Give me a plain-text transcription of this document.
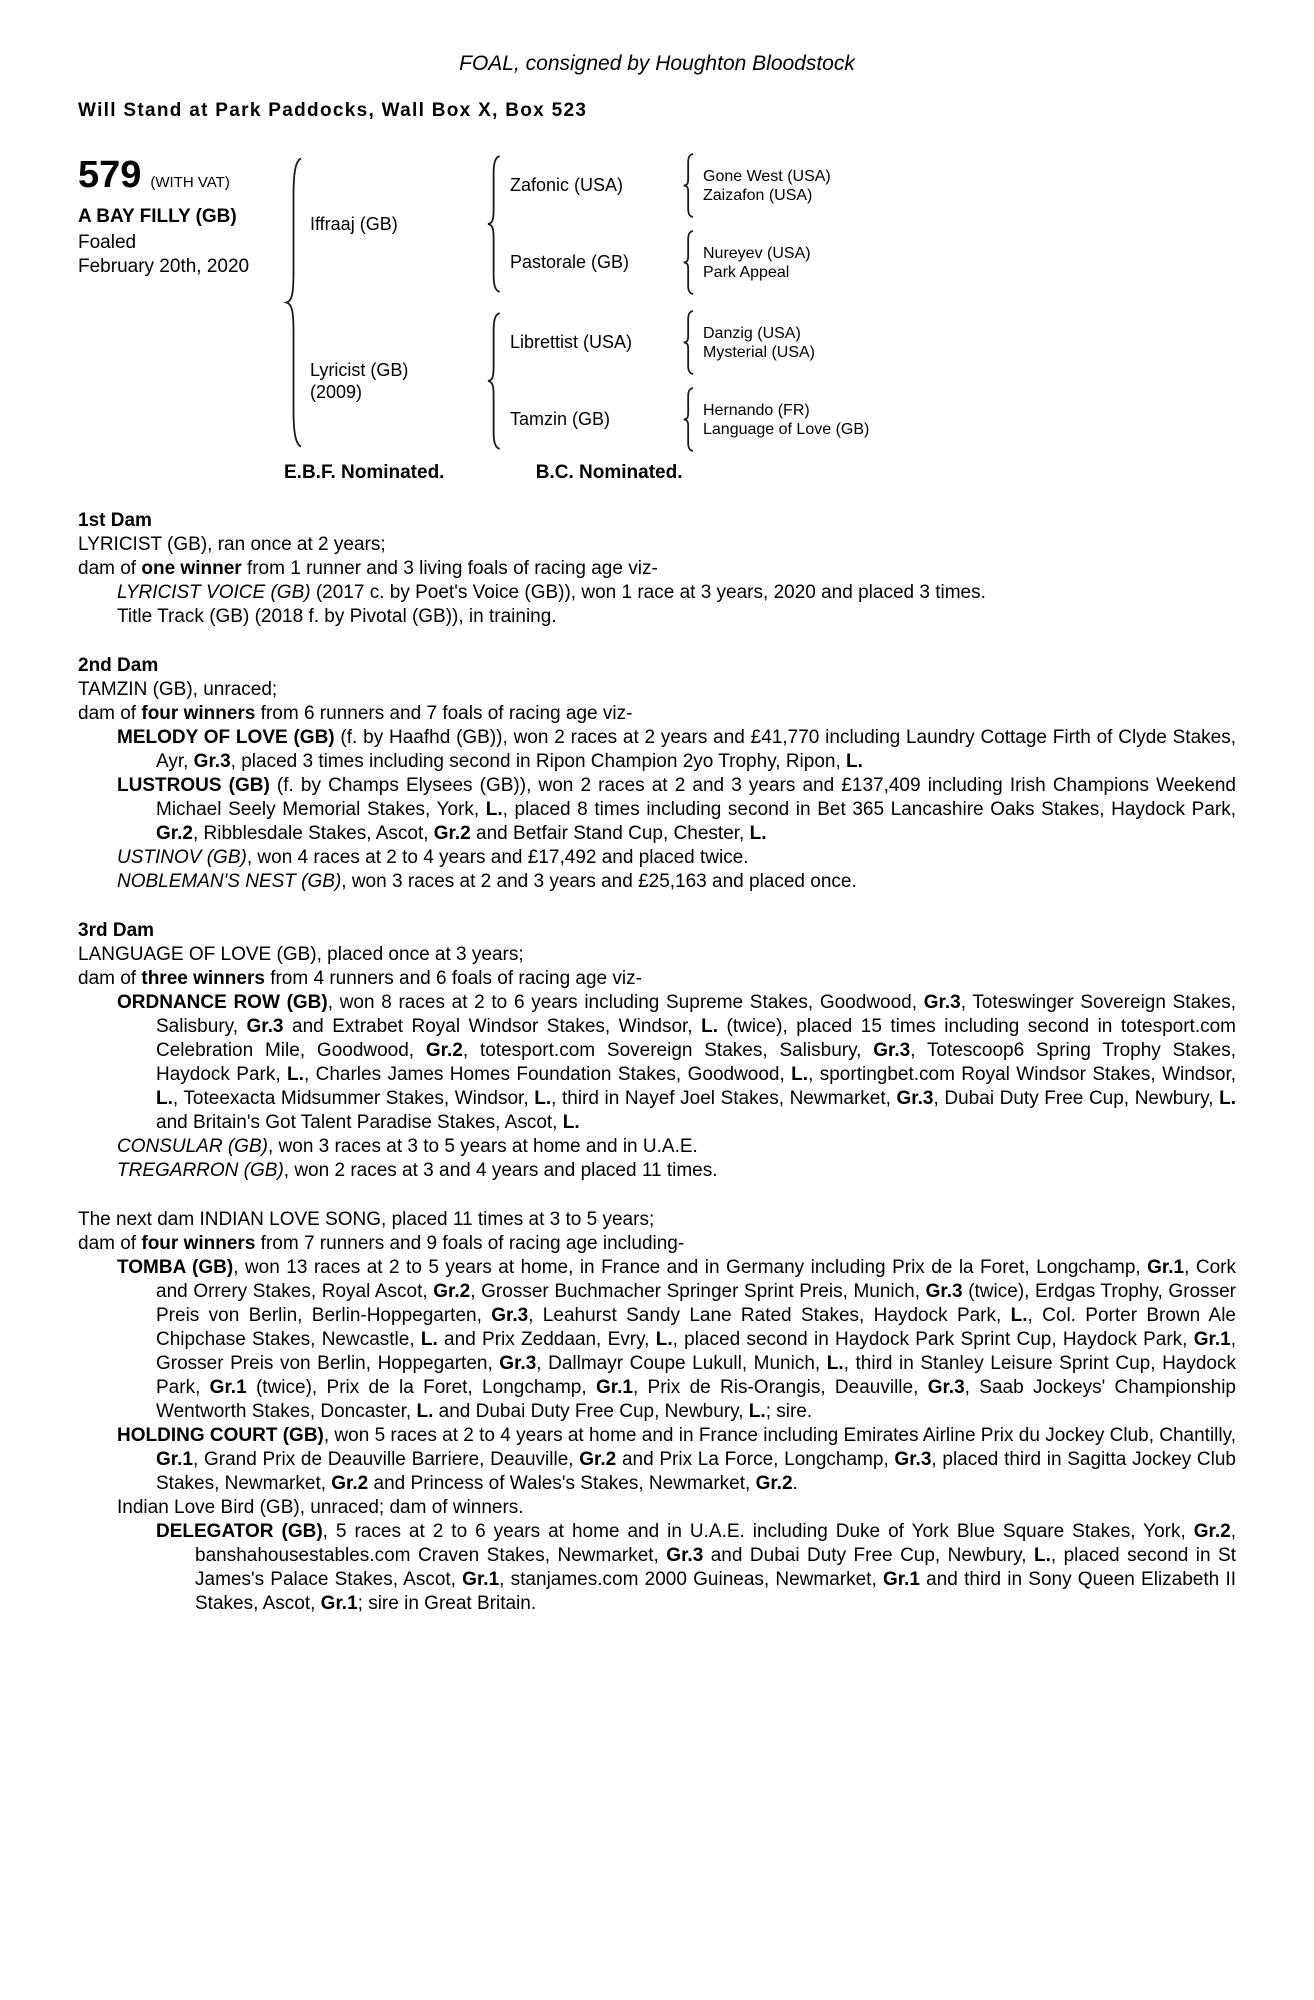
FOAL, consigned by Houghton Bloodstock
Will Stand at Park Paddocks, Wall Box X, Box 523
579 (WITH VAT)
A BAY FILLY (GB)
Foaled
February 20th, 2020
Iffraaj (GB)
Zafonic (USA)	Gone West (USA)
Zaizafon (USA)
Pastorale (GB)	Nureyev (USA)
Park Appeal
Lyricist (GB)
(2009)
Librettist (USA)	Danzig (USA)
Mysterial (USA)
Tamzin (GB)	Hernando (FR)
Language of Love (GB)
E.B.F. Nominated.	B.C. Nominated.
1st Dam

LYRICIST (GB), ran once at 2 years;

dam of one winner from 1 runner and 3 living foals of racing age viz-

LYRICIST VOICE (GB) (2017 c. by Poet's Voice (GB)), won 1 race at 3 years, 2020 and placed 3 times.

Title Track (GB) (2018 f. by Pivotal (GB)), in training.

2nd Dam

TAMZIN (GB), unraced;

dam of four winners from 6 runners and 7 foals of racing age viz-

MELODY OF LOVE (GB) (f. by Haafhd (GB)), won 2 races at 2 years and £41,770 including Laundry Cottage Firth of Clyde Stakes, Ayr, Gr.3, placed 3 times including second in Ripon Champion 2yo Trophy, Ripon, L.

LUSTROUS (GB) (f. by Champs Elysees (GB)), won 2 races at 2 and 3 years and £137,409 including Irish Champions Weekend Michael Seely Memorial Stakes, York, L., placed 8 times including second in Bet 365 Lancashire Oaks Stakes, Haydock Park, Gr.2, Ribblesdale Stakes, Ascot, Gr.2 and Betfair Stand Cup, Chester, L.

USTINOV (GB), won 4 races at 2 to 4 years and £17,492 and placed twice.

NOBLEMAN'S NEST (GB), won 3 races at 2 and 3 years and £25,163 and placed once.

3rd Dam

LANGUAGE OF LOVE (GB), placed once at 3 years;

dam of three winners from 4 runners and 6 foals of racing age viz-

ORDNANCE ROW (GB), won 8 races at 2 to 6 years including Supreme Stakes, Goodwood, Gr.3, Toteswinger Sovereign Stakes, Salisbury, Gr.3 and Extrabet Royal Windsor Stakes, Windsor, L. (twice), placed 15 times including second in totesport.com Celebration Mile, Goodwood, Gr.2, totesport.com Sovereign Stakes, Salisbury, Gr.3, Totescoop6 Spring Trophy Stakes, Haydock Park, L., Charles James Homes Foundation Stakes, Goodwood, L., sportingbet.com Royal Windsor Stakes, Windsor, L., Toteexacta Midsummer Stakes, Windsor, L., third in Nayef Joel Stakes, Newmarket, Gr.3, Dubai Duty Free Cup, Newbury, L. and Britain's Got Talent Paradise Stakes, Ascot, L.

CONSULAR (GB), won 3 races at 3 to 5 years at home and in U.A.E.

TREGARRON (GB), won 2 races at 3 and 4 years and placed 11 times.

The next dam INDIAN LOVE SONG, placed 11 times at 3 to 5 years;

dam of four winners from 7 runners and 9 foals of racing age including-

TOMBA (GB), won 13 races at 2 to 5 years at home, in France and in Germany including Prix de la Foret, Longchamp, Gr.1, Cork and Orrery Stakes, Royal Ascot, Gr.2, Grosser Buchmacher Springer Sprint Preis, Munich, Gr.3 (twice), Erdgas Trophy, Grosser Preis von Berlin, Berlin-Hoppegarten, Gr.3, Leahurst Sandy Lane Rated Stakes, Haydock Park, L., Col. Porter Brown Ale Chipchase Stakes, Newcastle, L. and Prix Zeddaan, Evry, L., placed second in Haydock Park Sprint Cup, Haydock Park, Gr.1, Grosser Preis von Berlin, Hoppegarten, Gr.3, Dallmayr Coupe Lukull, Munich, L., third in Stanley Leisure Sprint Cup, Haydock Park, Gr.1 (twice), Prix de la Foret, Longchamp, Gr.1, Prix de Ris-Orangis, Deauville, Gr.3, Saab Jockeys' Championship Wentworth Stakes, Doncaster, L. and Dubai Duty Free Cup, Newbury, L.; sire.

HOLDING COURT (GB), won 5 races at 2 to 4 years at home and in France including Emirates Airline Prix du Jockey Club, Chantilly, Gr.1, Grand Prix de Deauville Barriere, Deauville, Gr.2 and Prix La Force, Longchamp, Gr.3, placed third in Sagitta Jockey Club Stakes, Newmarket, Gr.2 and Princess of Wales's Stakes, Newmarket, Gr.2.

Indian Love Bird (GB), unraced; dam of winners.

DELEGATOR (GB), 5 races at 2 to 6 years at home and in U.A.E. including Duke of York Blue Square Stakes, York, Gr.2, banshahousestables.com Craven Stakes, Newmarket, Gr.3 and Dubai Duty Free Cup, Newbury, L., placed second in St James's Palace Stakes, Ascot, Gr.1, stanjames.com 2000 Guineas, Newmarket, Gr.1 and third in Sony Queen Elizabeth II Stakes, Ascot, Gr.1; sire in Great Britain.
